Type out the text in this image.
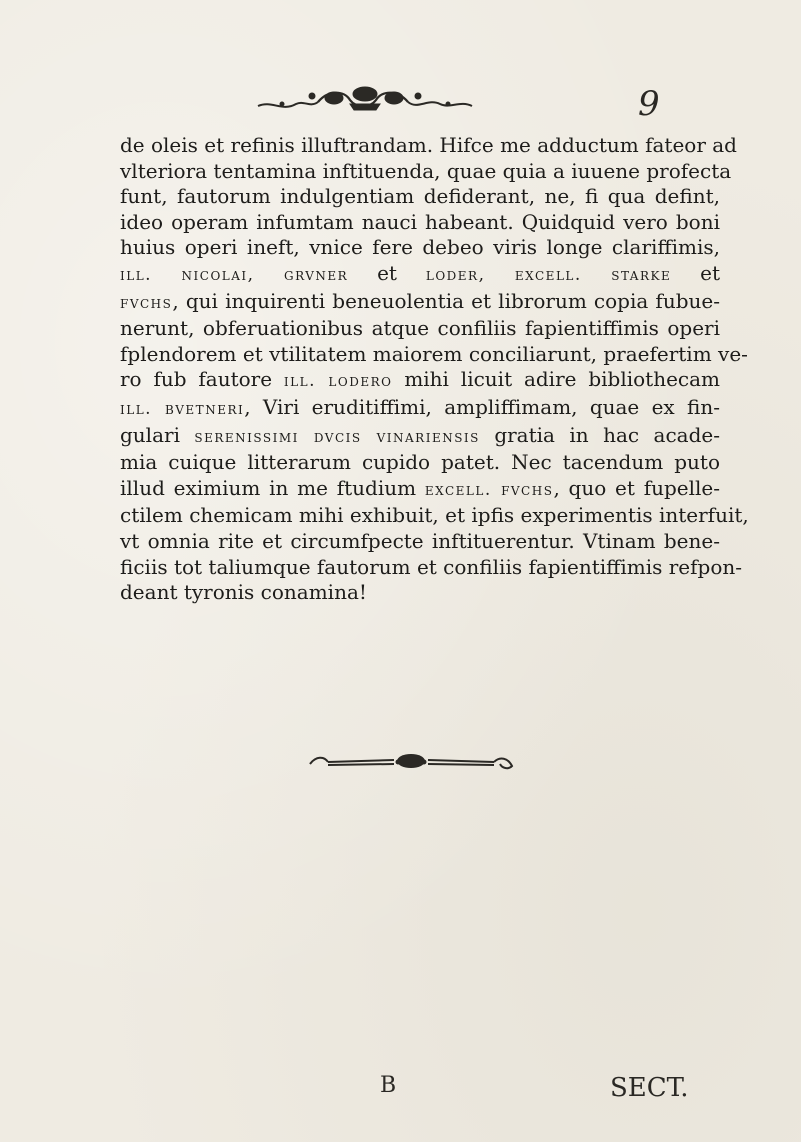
9
de oleis et refinis illuftrandam. Hifce me adductum fateor ad
vlteriora tentamina inftituenda, quae quia a iuuene profecta
funt, fautorum indulgentiam defiderant, ne, fi qua defint,
ideo operam infumtam nauci habeant. Quidquid vero boni
huius operi ineft, vnice fere debeo viris longe clariffimis,
ill. nicolai, grvner et loder, excell. starke et
fvchs, qui inquirenti beneuolentia et librorum copia fubue-
nerunt, obferuationibus atque confiliis fapientiffimis operi
fplendorem et vtilitatem maiorem conciliarunt, praefertim ve-
ro fub fautore ill. lodero mihi licuit adire bibliothecam
ill. bvetneri, Viri eruditiffimi, ampliffimam, quae ex fin-
gulari serenissimi dvcis vinariensis gratia in hac acade-
mia cuique litterarum cupido patet. Nec tacendum puto
illud eximium in me ftudium excell. fvchs, quo et fupelle-
ctilem chemicam mihi exhibuit, et ipfis experimentis interfuit,
vt omnia rite et circumfpecte inftituerentur. Vtinam bene-
ficiis tot taliumque fautorum et confiliis fapientiffimis refpon-
deant tyronis conamina!
B	SECT.
